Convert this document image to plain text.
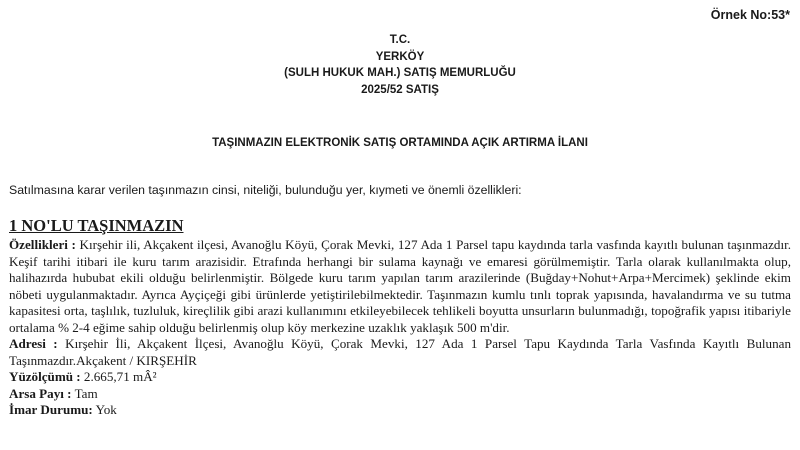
Örnek No:53*
T.C.
YERKÖY
(SULH HUKUK MAH.) SATIŞ MEMURLUĞU
2025/52 SATIŞ
TAŞINMAZIN ELEKTRONİK SATIŞ ORTAMINDA AÇIK ARTIRMA İLANI
Satılmasına karar verilen taşınmazın cinsi, niteliği, bulunduğu yer, kıymeti ve önemli özellikleri:
1 NO'LU TAŞINMAZIN

Özellikleri : Kırşehir ili, Akçakent ilçesi, Avanoğlu Köyü, Çorak Mevki, 127 Ada 1 Parsel tapu kaydında tarla vasfında kayıtlı bulunan taşınmazdır. Keşif tarihi itibari ile kuru tarım arazisidir. Etrafında herhangi bir sulama kaynağı ve emaresi görülmemiştir. Tarla olarak kullanılmakta olup, halihazırda hububat ekili olduğu belirlenmiştir. Bölgede kuru tarım yapılan tarım arazilerinde (Buğday+Nohut+Arpa+Mercimek) şeklinde ekim nöbeti uygulanmaktadır. Ayrıca Ayçiçeği gibi ürünlerde yetiştirilebilmektedir. Taşınmazın kumlu tınlı toprak yapısında, havalandırma ve su tutma kapasitesi orta, taşlılık, tuzluluk, kireçlilik gibi arazi kullanımını etkileyebilecek tehlikeli boyutta unsurların bulunmadığı, topoğrafik yapısı itibariyle ortalama % 2-4 eğime sahip olduğu belirlenmiş olup köy merkezine uzaklık yaklaşık 500 m'dir.

Adresi : Kırşehir İli, Akçakent İlçesi, Avanoğlu Köyü, Çorak Mevki, 127 Ada 1 Parsel Tapu Kaydında Tarla Vasfında Kayıtlı Bulunan Taşınmazdır.Akçakent / KIRŞEHİR

Yüzölçümü : 2.665,71 mÂ²

Arsa Payı : Tam

İmar Durumu: Yok
